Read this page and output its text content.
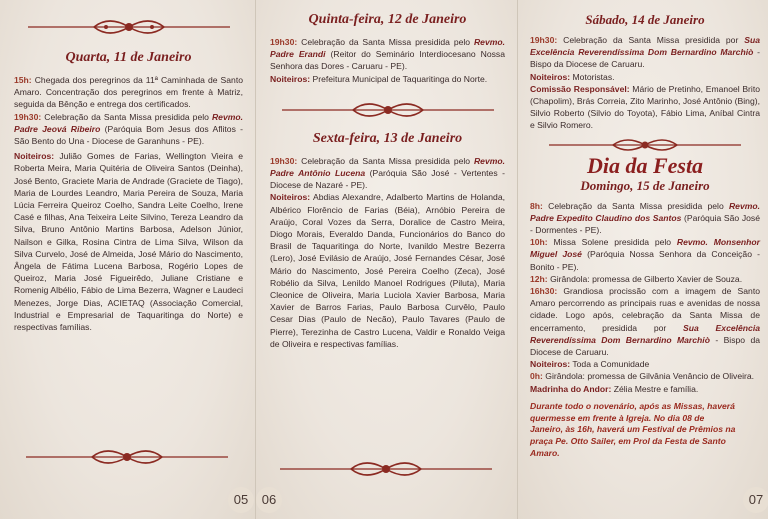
Quarta, 11 de Janeiro

15h: Chegada dos peregrinos da 11ª Caminhada de Santo Amaro. Concentração dos peregrinos em frente à Matriz, seguida da Bênção e entrega dos certificados.

19h30: Celebração da Santa Missa presidida pelo Revmo. Padre Jeová Ribeiro (Paróquia Bom Jesus dos Aflitos - São Bento do Una - Diocese de Garanhuns - PE).

Noiteiros: Julião Gomes de Farias, Wellington Vieira e Roberta Meira, Maria Quitéria de Oliveira Santos (Deinha), José Bento, Graciete Maria de Andrade (Graciete de Tiago), Maria de Lourdes Leandro, Maria Pereira de Souza, Maria Lúcia Ferreira Queiroz Coelho, Sandra Leite Coelho, Irene Casé e filhas, Ana Teixeira Leite Silvino, Tereza Leandro da Silva, Bruno Antônio Martins Barbosa, Adelson Júnior, Nailson e Gilka, Rosina Cintra de Lima Silva, Wilson da Silva Curvelo, José de Almeida, José Mário do Nascimento, Ângela de Fátima Lucena Barbosa, Rogério Lopes de Queiroz, Maria José Figueirêdo, Juliane Cristiane e Romenig Albélio, Fábio de Lima Bezerra, Wagner e Laudeci Menezes, Jorge Dias, ACIETAQ (Associação Comercial, Industrial e Empresarial de Taquaritinga do Norte) e respectivas famílias.

05
Quinta-feira, 12 de Janeiro

19h30: Celebração da Santa Missa presidida pelo Revmo. Padre Erandi (Reitor do Seminário Interdiocesano Nossa Senhora das Dores - Caruaru - PE).

Noiteiros: Prefeitura Municipal de Taquaritinga do Norte.

Sexta-feira, 13 de Janeiro

19h30: Celebração da Santa Missa presidida pelo Revmo. Padre Antônio Lucena (Paróquia São José - Vertentes - Diocese de Nazaré - PE).

Noiteiros: Abdias Alexandre, Adalberto Martins de Holanda, Albérico Florêncio de Farias (Béia), Arnóbio Pereira de Araújo, Coral Vozes da Serra, Doralice de Castro Meira, Diogo Morais, Everaldo Danda, Funcionários do Banco do Brasil de Taquaritinga do Norte, Ivanildo Mestre Bezerra (Lero), José Evilásio de Araújo, José Fernandes César, José Mário do Nascimento, José Pereira Coelho (Zeca), José Robélio da Silva, Lenildo Manoel Rodrigues (Piluta), Maria Cleonice de Oliveira, Maria Luciola Xavier Barbosa, Maria Xavier de Barros Farias, Paulo Barbosa Curvêlo, Paulo Cesar Dias (Paulo de Necão), Paulo Tavares (Paulo de Pierre), Terezinha de Castro Lucena, Valdir e Ronaldo Veiga de Oliveira e respectivas famílias.

06
Sábado, 14 de Janeiro

19h30: Celebração da Santa Missa presidida por Sua Excelência Reverendíssima Dom Bernardino Marchiò - Bispo da Diocese de Caruaru.

Noiteiros: Motoristas.

Comissão Responsável: Mário de Pretinho, Emanoel Brito (Chapolim), Brás Correia, Zito Marinho, José Antônio (Bing), Silvio Roberto (Silvio do Toyota), Fábio Lima, Aníbal Cintra e Silvio Romero.

Dia da Festa
Domingo, 15 de Janeiro

8h: Celebração da Santa Missa presidida pelo Revmo. Padre Expedito Claudino dos Santos (Paróquia São José - Dormentes - PE).

10h: Missa Solene presidida pelo Revmo. Monsenhor Miguel José (Paróquia Nossa Senhora da Conceição - Bonito - PE).

12h: Girândola: promessa de Gilberto Xavier de Souza.

16h30: Grandiosa procissão com a imagem de Santo Amaro percorrendo as principais ruas e avenidas de nossa cidade. Logo após, celebração da Santa Missa de encerramento, presidida por Sua Excelência Reverendíssima Dom Bernardino Marchiò - Bispo da Diocese de Caruaru.

Noiteiros: Toda a Comunidade

0h: Girândola: promessa de Gilvânia Venâncio de Oliveira.

Madrinha do Andor: Zélia Mestre e família.

Durante todo o novenário, após as Missas, haverá quermesse em frente à Igreja. No dia 08 de Janeiro, às 16h, haverá um Festival de Prêmios na praça Pe. Otto Sailer, em Prol da Festa de Santo Amaro.

07
